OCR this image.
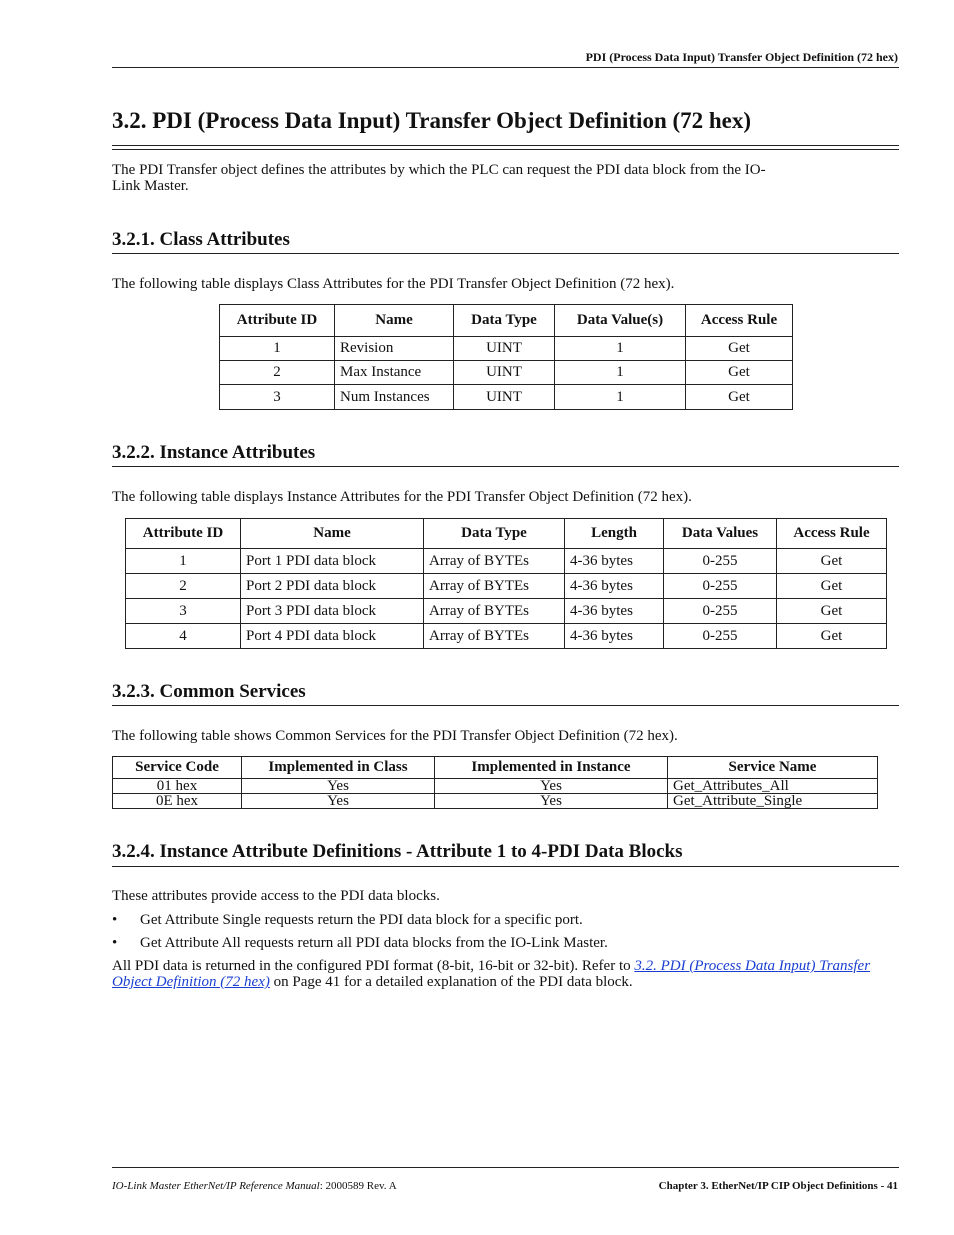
PDI (Process Data Input) Transfer Object Definition (72 hex)
3.2. PDI (Process Data Input) Transfer Object Definition (72 hex)
The PDI Transfer object defines the attributes by which the PLC can request the PDI data block from the IO-
Link Master.
3.2.1. Class Attributes
The following table displays Class Attributes for the PDI Transfer Object Definition (72 hex).
Attribute ID	Name	Data Type	Data Value(s)	Access Rule
1	Revision	UINT	1	Get
2	Max Instance	UINT	1	Get
3	Num Instances	UINT	1	Get
3.2.2. Instance Attributes
The following table displays Instance Attributes for the PDI Transfer Object Definition (72 hex).
Attribute ID	Name	Data Type	Length	Data Values	Access Rule
1	Port 1 PDI data block	Array of BYTEs	4-36 bytes	0-255	Get
2	Port 2 PDI data block	Array of BYTEs	4-36 bytes	0-255	Get
3	Port 3 PDI data block	Array of BYTEs	4-36 bytes	0-255	Get
4	Port 4 PDI data block	Array of BYTEs	4-36 bytes	0-255	Get
3.2.3. Common Services
The following table shows Common Services for the PDI Transfer Object Definition (72 hex).
Service Code	Implemented in Class	Implemented in Instance	Service Name
01 hex	Yes	Yes	Get_Attributes_All
0E hex	Yes	Yes	Get_Attribute_Single
3.2.4. Instance Attribute Definitions - Attribute 1 to 4-PDI Data Blocks
These attributes provide access to the PDI data blocks.
• Get Attribute Single requests return the PDI data block for a specific port.
• Get Attribute All requests return all PDI data blocks from the IO-Link Master.
All PDI data is returned in the configured PDI format (8-bit, 16-bit or 32-bit). Refer to 3.2. PDI (Process Data Input) Transfer Object Definition (72 hex) on Page 41 for a detailed explanation of the PDI data block.
IO-Link Master EtherNet/IP Reference Manual: 2000589 Rev. A	Chapter 3. EtherNet/IP CIP Object Definitions - 41
